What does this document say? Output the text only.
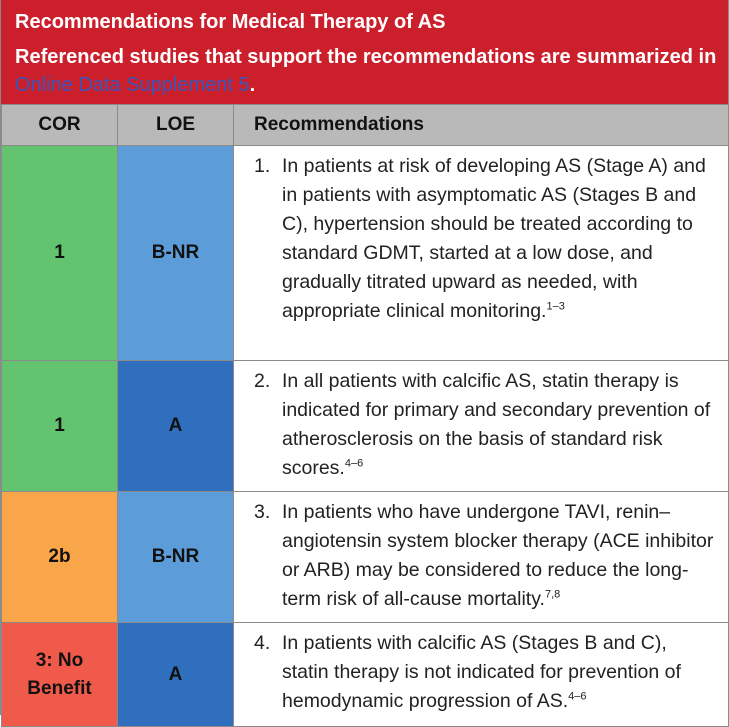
Recommendations for Medical Therapy of AS
Referenced studies that support the recommendations are summarized in Online Data Supplement 5.
COR	LOE	Recommendations
1	B-NR	1. In patients at risk of developing AS (Stage A) and in patients with asymptomatic AS (Stages B and C), hypertension should be treated according to standard GDMT, started at a low dose, and gradually titrated upward as needed, with appropriate clinical monitoring.$^{1-3}$

1	A	2. In all patients with calcific AS, statin therapy is indicated for primary and secondary prevention of atherosclerosis on the basis of standard risk scores.$^{4-6}$

2b	B-NR	3. In patients who have undergone TAVI, renin–angiotensin system blocker therapy (ACE inhibitor or ARB) may be considered to reduce the long-term risk of all-cause mortality.$^{7,8}$

3: No Benefit	A	4. In patients with calcific AS (Stages B and C), statin therapy is not indicated for prevention of hemodynamic progression of AS.$^{4-6}$
